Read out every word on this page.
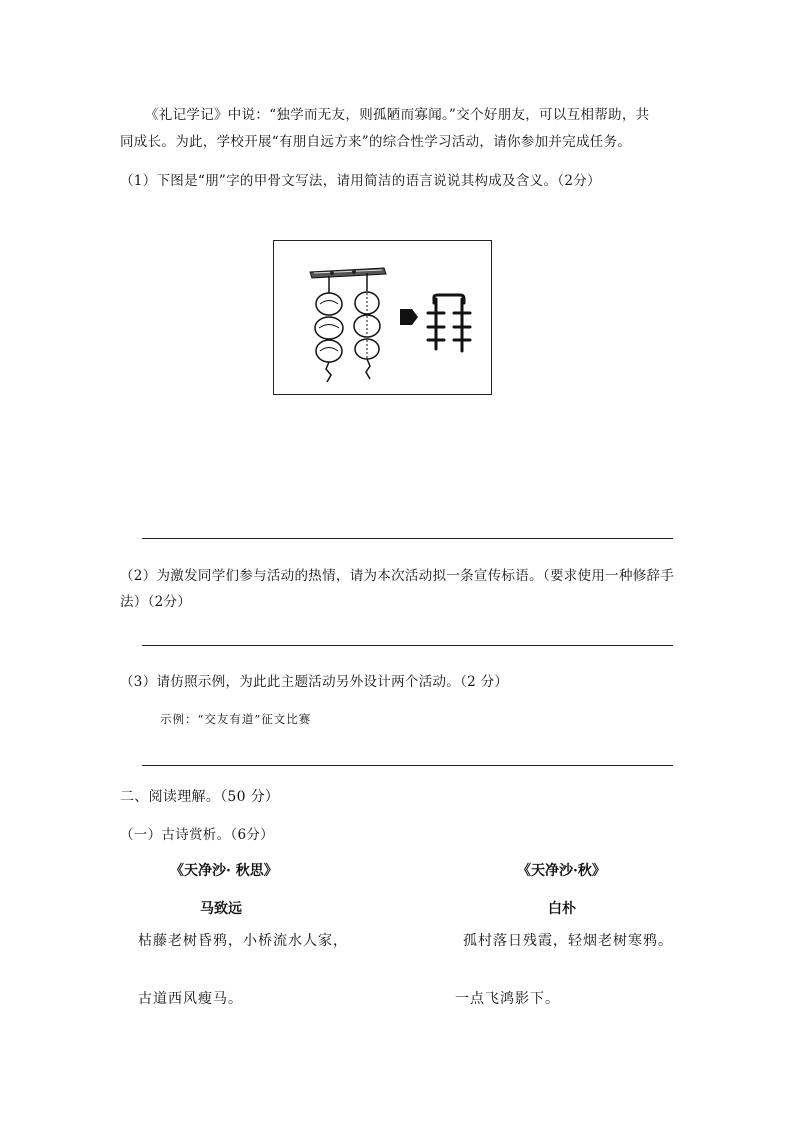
《礼记学记》中说：“独学而无友，则孤陋而寡闻。”交个好朋友，可以互相帮助，共
同成长。为此，学校开展“有朋自远方来”的综合性学习活动，请你参加并完成任务。
（1）下图是“朋”字的甲骨文写法，请用简洁的语言说说其构成及含义。（2分）
（2）为激发同学们参与活动的热情，请为本次活动拟一条宣传标语。（要求使用一种修辞手
法）（2分）
（3）请仿照示例，为此此主题活动另外设计两个活动。（2 分）
示例：“交友有道”征文比赛
二、阅读理解。（50 分）
（一）古诗赏析。（6分）
《天净沙· 秋思》
马致远
枯藤老树昏鸦，小桥流水人家，
古道西风瘦马。
《天净沙·秋》
白朴
孤村落日残霞，轻烟老树寒鸦。
一点飞鸿影下。
